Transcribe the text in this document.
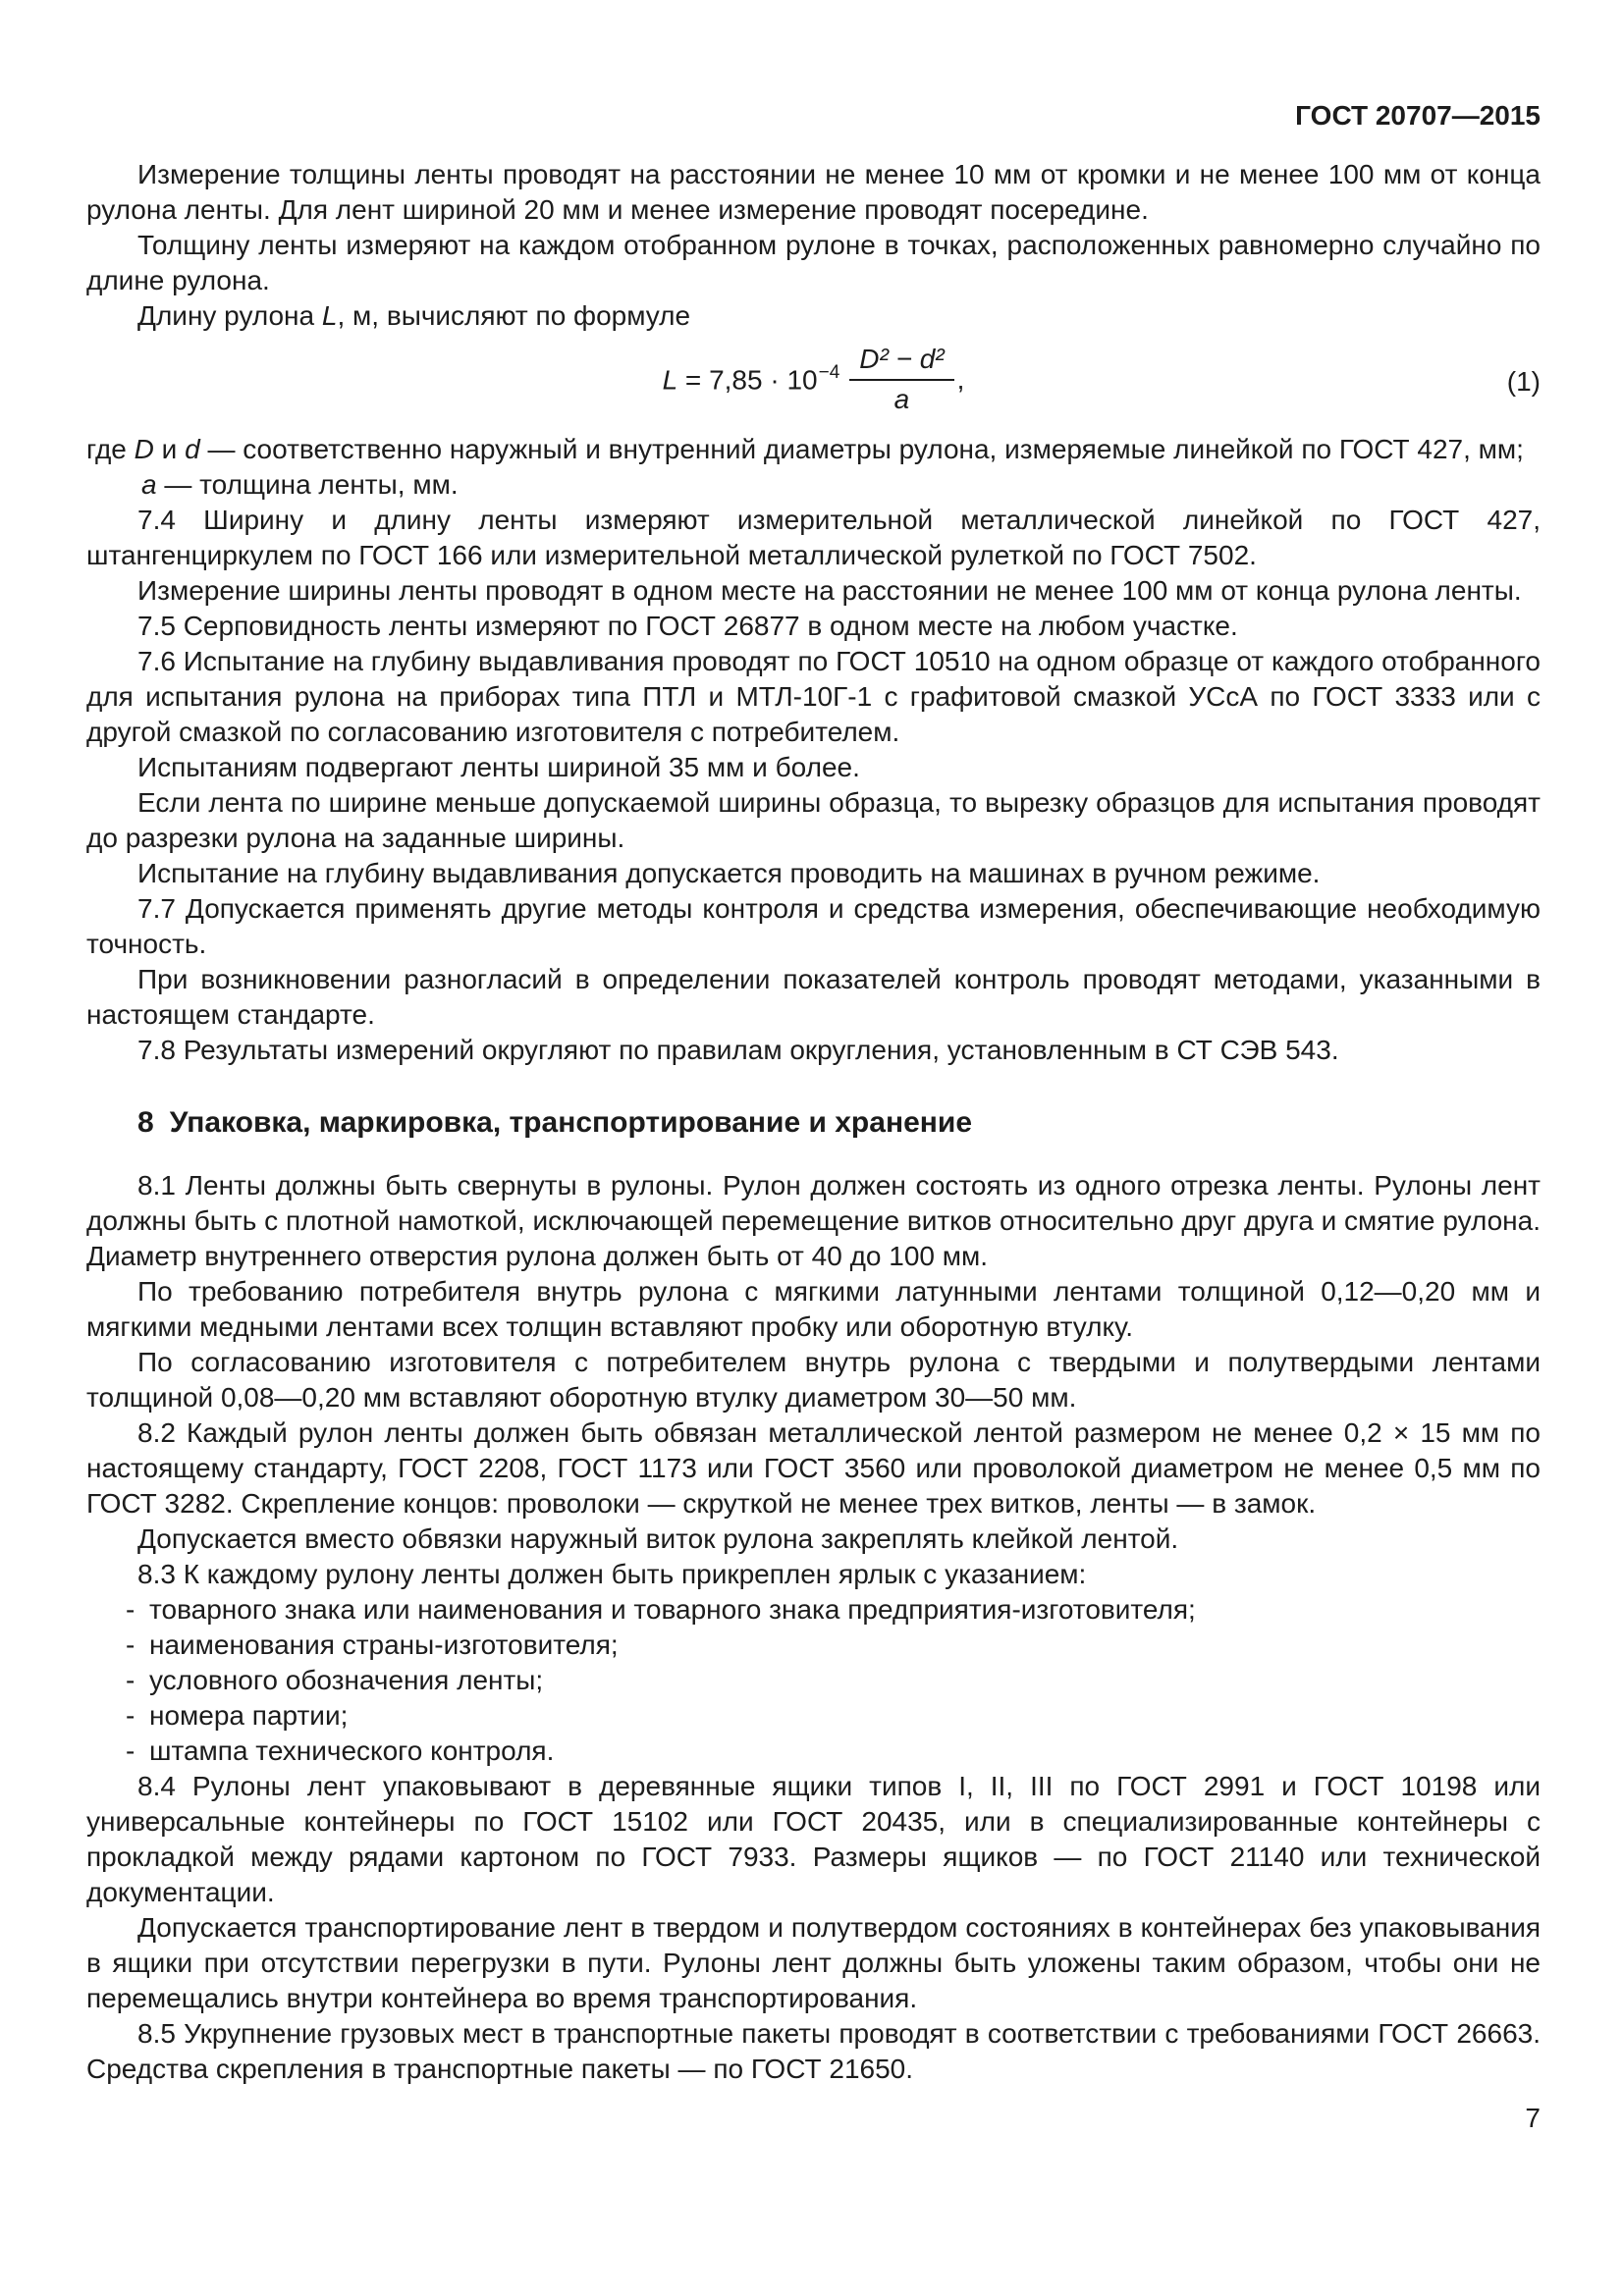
ГОСТ 20707—2015

Измерение толщины ленты проводят на расстоянии не менее 10 мм от кромки и не менее 100 мм от конца рулона ленты. Для лент шириной 20 мм и менее измерение проводят посередине.

Толщину ленты измеряют на каждом отобранном рулоне в точках, расположенных равномерно случайно по длине рулона.

Длину рулона L, м, вычисляют по формуле

$L = 7,85 \cdot 10^{-4} \frac{\text{D² − d²}}{a}$ ,	(1)

где D и d — соответственно наружный и внутренний диаметры рулона, измеряемые линейкой по ГОСТ 427, мм;

a — толщина ленты, мм.

7.4 Ширину и длину ленты измеряют измерительной металлической линейкой по ГОСТ 427, штангенциркулем по ГОСТ 166 или измерительной металлической рулеткой по ГОСТ 7502.

Измерение ширины ленты проводят в одном месте на расстоянии не менее 100 мм от конца рулона ленты.

7.5 Серповидность ленты измеряют по ГОСТ 26877 в одном месте на любом участке.

7.6 Испытание на глубину выдавливания проводят по ГОСТ 10510 на одном образце от каждого отобранного для испытания рулона на приборах типа ПТЛ и МТЛ-10Г-1 с графитовой смазкой УСсА по ГОСТ 3333 или с другой смазкой по согласованию изготовителя с потребителем.

Испытаниям подвергают ленты шириной 35 мм и более.

Если лента по ширине меньше допускаемой ширины образца, то вырезку образцов для испытания проводят до разрезки рулона на заданные ширины.

Испытание на глубину выдавливания допускается проводить на машинах в ручном режиме.

7.7 Допускается применять другие методы контроля и средства измерения, обеспечивающие необходимую точность.

При возникновении разногласий в определении показателей контроль проводят методами, указанными в настоящем стандарте.

7.8 Результаты измерений округляют по правилам округления, установленным в СТ СЭВ 543.

8 Упаковка, маркировка, транспортирование и хранение

8.1 Ленты должны быть свернуты в рулоны. Рулон должен состоять из одного отрезка ленты. Рулоны лент должны быть с плотной намоткой, исключающей перемещение витков относительно друг друга и смятие рулона. Диаметр внутреннего отверстия рулона должен быть от 40 до 100 мм.

По требованию потребителя внутрь рулона с мягкими латунными лентами толщиной 0,12—0,20 мм и мягкими медными лентами всех толщин вставляют пробку или оборотную втулку.

По согласованию изготовителя с потребителем внутрь рулона с твердыми и полутвердыми лентами толщиной 0,08—0,20 мм вставляют оборотную втулку диаметром 30—50 мм.

8.2 Каждый рулон ленты должен быть обвязан металлической лентой размером не менее 0,2 × 15 мм по настоящему стандарту, ГОСТ 2208, ГОСТ 1173 или ГОСТ 3560 или проволокой диаметром не менее 0,5 мм по ГОСТ 3282. Скрепление концов: проволоки — скруткой не менее трех витков, ленты — в замок.

Допускается вместо обвязки наружный виток рулона закреплять клейкой лентой.

8.3 К каждому рулону ленты должен быть прикреплен ярлык с указанием:

- товарного знака или наименования и товарного знака предприятия-изготовителя;
- наименования страны-изготовителя;
- условного обозначения ленты;
- номера партии;
- штампа технического контроля.

8.4 Рулоны лент упаковывают в деревянные ящики типов I, II, III по ГОСТ 2991 и ГОСТ 10198 или универсальные контейнеры по ГОСТ 15102 или ГОСТ 20435, или в специализированные контейнеры с прокладкой между рядами картоном по ГОСТ 7933. Размеры ящиков — по ГОСТ 21140 или технической документации.

Допускается транспортирование лент в твердом и полутвердом состояниях в контейнерах без упаковывания в ящики при отсутствии перегрузки в пути. Рулоны лент должны быть уложены таким образом, чтобы они не перемещались внутри контейнера во время транспортирования.

8.5 Укрупнение грузовых мест в транспортные пакеты проводят в соответствии с требованиями ГОСТ 26663. Средства скрепления в транспортные пакеты — по ГОСТ 21650.

7
